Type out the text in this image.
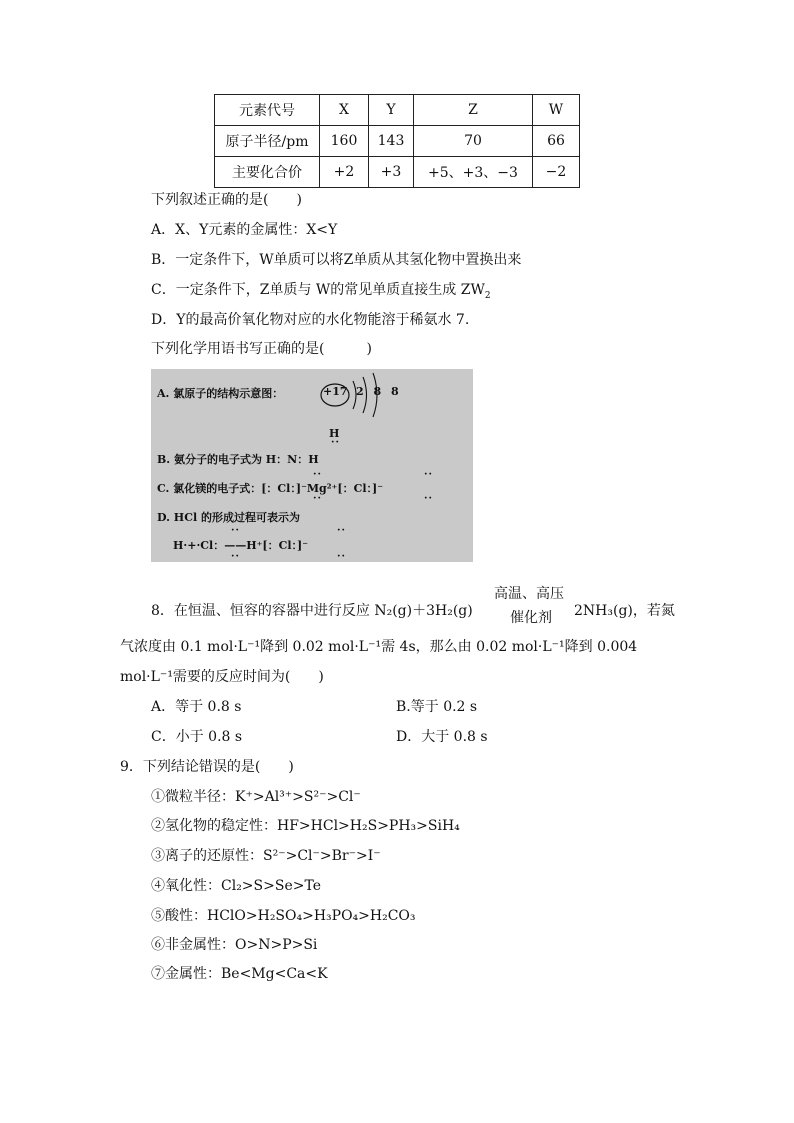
元素代号	X	Y	Z	W
原子半径/pm	160	143	70	66
主要化合价	+2	+3	+5、+3、−3	−2
下列叙述正确的是(　　)
A．X、Y元素的金属性：X<Y
B．一定条件下，W单质可以将Z单质从其氢化物中置换出来
C．一定条件下，Z单质与 W的常见单质直接生成 $ZW_2$
D．Y的最高价氧化物对应的水化物能溶于稀氨水 7.
下列化学用语书写正确的是(　　　)
A. 氯原子的结构示意图：	+17 2 8 8
H
··
B. 氨分子的电子式为 H：N：H
··	··
C. 氯化镁的电子式：[：Cl：]⁻Mg²⁺[：Cl：]⁻
··	··
D. HCl 的形成过程可表示为
··	··
H·+·Cl：——H⁺[：Cl：]⁻
··	··
高温、高压
催化剂
8．在恒温、恒容的容器中进行反应 N₂(g)＋3H₂(g)	2NH₃(g)，若氮
气浓度由 0.1 mol·L⁻¹降到 0.02 mol·L⁻¹需 4s，那么由 0.02 mol·L⁻¹降到 0.004
mol·L⁻¹需要的反应时间为(　　)
A．等于 0.8 s	B.等于 0.2 s
C．小于 0.8 s	D．大于 0.8 s
9．下列结论错误的是(　　)
①微粒半径：K⁺>Al³⁺>S²⁻>Cl⁻
②氢化物的稳定性：HF>HCl>H₂S>PH₃>SiH₄
③离子的还原性：S²⁻>Cl⁻>Br⁻>I⁻
④氧化性：Cl₂>S>Se>Te
⑤酸性：HClO>H₂SO₄>H₃PO₄>H₂CO₃
⑥非金属性：O>N>P>Si
⑦金属性：Be<Mg<Ca<K
